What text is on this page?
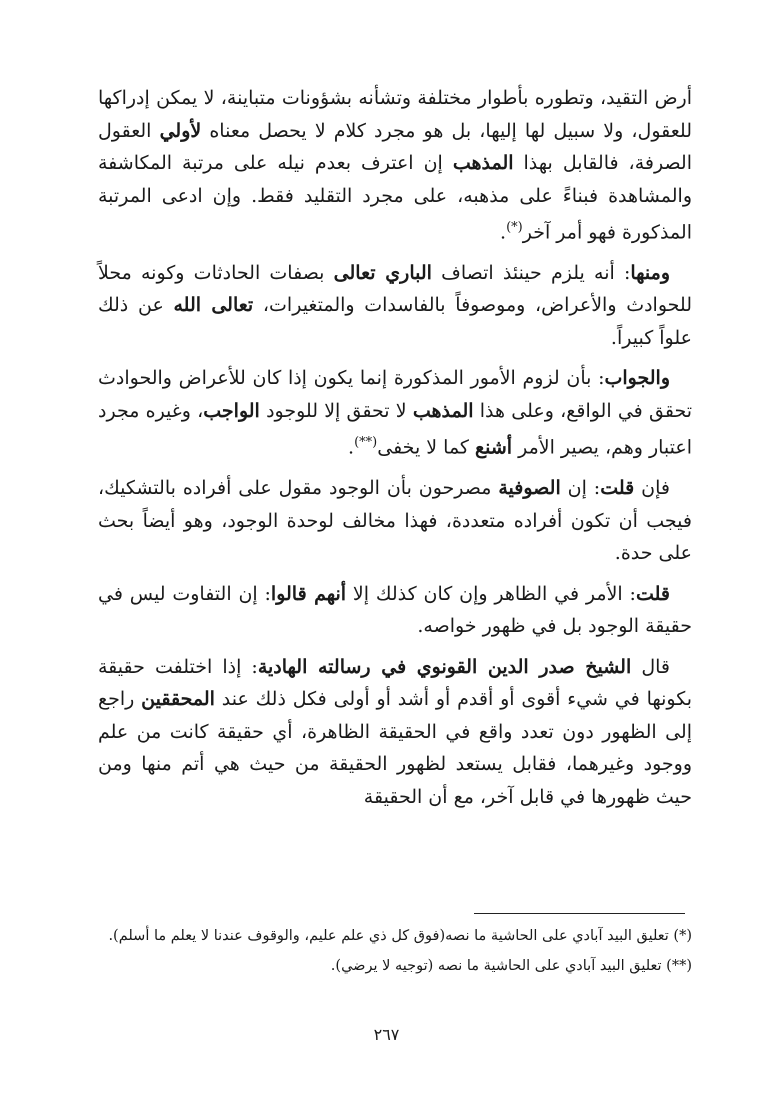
أرض التقيد، وتطوره بأطوار مختلفة وتشأنه بشؤونات متباينة، لا يمكن إدراكها للعقول، ولا سبيل لها إليها، بل هو مجرد كلام لا يحصل معناه لأولي العقول الصرفة، فالقابل بهذا المذهب إن اعترف بعدم نيله على مرتبة المكاشفة والمشاهدة فبناءً على مذهبه، على مجرد التقليد فقط. وإن ادعى المرتبة المذكورة فهو أمر آخر(*).

ومنها: أنه يلزم حينئذ اتصاف الباري تعالى بصفات الحادثات وكونه محلاً للحوادث والأعراض، وموصوفاً بالفاسدات والمتغيرات، تعالى الله عن ذلك علواً كبيراً.

والجواب: بأن لزوم الأمور المذكورة إنما يكون إذا كان للأعراض والحوادث تحقق في الواقع، وعلى هذا المذهب لا تحقق إلا للوجود الواجب، وغيره مجرد اعتبار وهم، يصير الأمر أشنع كما لا يخفى(**).

فإن قلت: إن الصوفية مصرحون بأن الوجود مقول على أفراده بالتشكيك، فيجب أن تكون أفراده متعددة، فهذا مخالف لوحدة الوجود، وهو أيضاً بحث على حدة.

قلت: الأمر في الظاهر وإن كان كذلك إلا أنهم قالوا: إن التفاوت ليس في حقيقة الوجود بل في ظهور خواصه.

قال الشيخ صدر الدين القونوي في رسالته الهادية: إذا اختلفت حقيقة بكونها في شيء أقوى أو أقدم أو أشد أو أولى فكل ذلك عند المحققين راجع إلى الظهور دون تعدد واقع في الحقيقة الظاهرة، أي حقيقة كانت من علم ووجود وغيرهما، فقابل يستعد لظهور الحقيقة من حيث هي أتم منها ومن حيث ظهورها في قابل آخر، مع أن الحقيقة

(*) تعليق البيد آبادي على الحاشية ما نصه(فوق كل ذي علم عليم، والوقوف عندنا لا يعلم ما أسلم).

(**) تعليق البيد آبادي على الحاشية ما نصه (توجيه لا يرضي).

٢٦٧
